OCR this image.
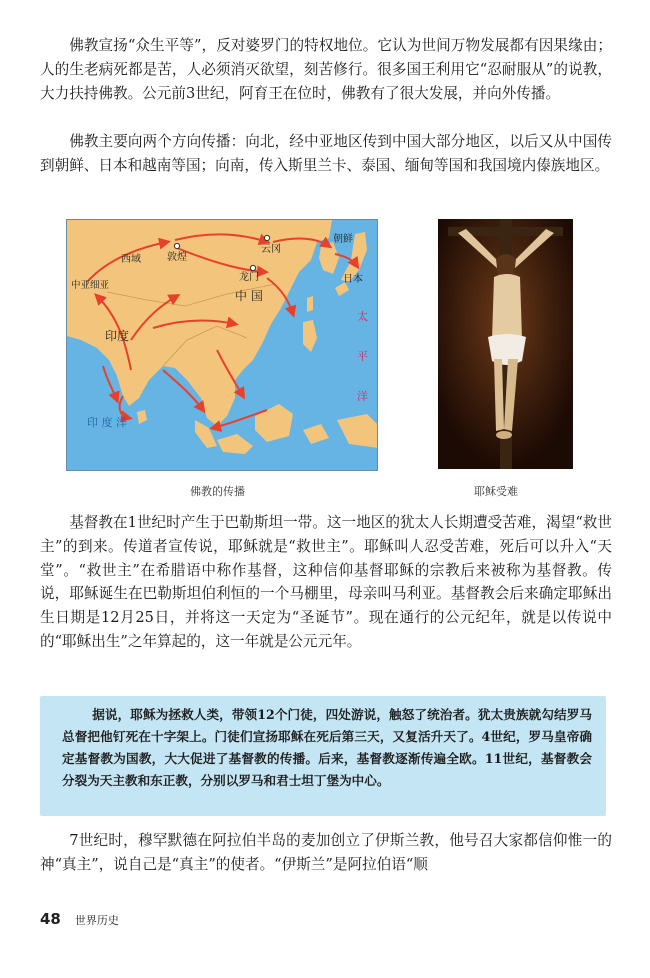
佛教宣扬“众生平等”，反对婆罗门的特权地位。它认为世间万物发展都有因果缘由；人的生老病死都是苦，人必须消灭欲望，刻苦修行。很多国王利用它“忍耐服从”的说教，大力扶持佛教。公元前3世纪，阿育王在位时，佛教有了很大发展，并向外传播。

佛教主要向两个方向传播：向北，经中亚地区传到中国大部分地区，以后又从中国传到朝鲜、日本和越南等国；向南，传入斯里兰卡、泰国、缅甸等国和我国境内傣族地区。

西域	敦煌
云冈
朝鲜
中亚细亚
龙门
中 国
日本
印度
太
平
洋
印 度 洋
佛教的传播	耶稣受难

基督教在1世纪时产生于巴勒斯坦一带。这一地区的犹太人长期遭受苦难，渴望“救世主”的到来。传道者宣传说，耶稣就是“救世主”。耶稣叫人忍受苦难，死后可以升入“天堂”。“救世主”在希腊语中称作基督，这种信仰基督耶稣的宗教后来被称为基督教。传说，耶稣诞生在巴勒斯坦伯利恒的一个马棚里，母亲叫马利亚。基督教会后来确定耶稣出生日期是12月25日，并将这一天定为“圣诞节”。现在通行的公元纪年，就是以传说中的“耶稣出生”之年算起的，这一年就是公元元年。

据说，耶稣为拯救人类，带领12个门徒，四处游说，触怒了统治者。犹太贵族就勾结罗马总督把他钉死在十字架上。门徒们宣扬耶稣在死后第三天，又复活升天了。4世纪，罗马皇帝确定基督教为国教，大大促进了基督教的传播。后来，基督教逐渐传遍全欧。11世纪，基督教会分裂为天主教和东正教，分别以罗马和君士坦丁堡为中心。

7世纪时，穆罕默德在阿拉伯半岛的麦加创立了伊斯兰教，他号召大家都信仰惟一的神“真主”，说自己是“真主”的使者。“伊斯兰”是阿拉伯语“顺

48 世界历史
